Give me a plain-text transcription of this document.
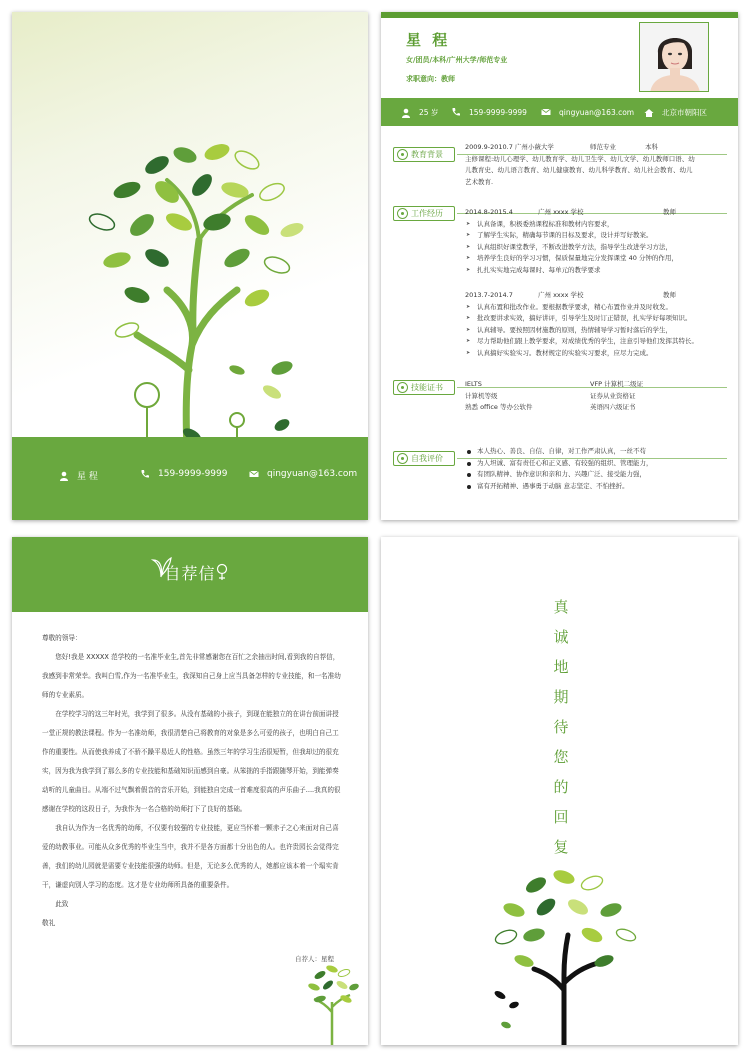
星 程	159-9999-9999	qingyuan@163.com
星 程
女/团员/本科/广州大学/师范专业
求职意向：教师
25 岁	159-9999-9999	qingyuan@163.com	北京市朝阳区
教育背景
2009.9-2010.7 广州小薇大学	师范专业	本科
主修课程:幼儿心理学、幼儿教育学、幼儿卫生学、幼儿文学、幼儿教师口语、幼
儿教育史、幼儿语言教育、幼儿健康教育、幼儿科学教育、幼儿社会教育、幼儿
艺术教育.
工作经历	2014.8-2015.4	广州 xxxx 学校	教师
➤ 认真备课，积极委熟课程标准和教材内容要求，
➤ 了解学生实际，精确每节课的目标及要求，设计并写好教案。
➤ 认真组织好课堂教学，不断改进教学方法，指导学生改进学习方法，
➤ 培养学生良好的学习习惯，保质保量地完分发挥课堂 40 分钟的作用，
➤ 扎扎实实地完成每课时、每单元的教学要求
2013.7-2014.7	广州 xxxx 学校	教师
➤ 认真布置和批改作业。要根据教学要求，精心布置作业并及时收发。
➤ 批改要讲求实效，搞好讲评，引导学生及时订正错误，扎实学好每项知识。
➤ 认真辅导。要按照因材施教的原则，热情辅导学习暂时落后的学生，
➤ 尽力帮助他们跟上教学要求，对成绩优秀的学生，注意引导他们发挥其特长。
➤ 认真搞好实验实习。教材规定的实验实习要求，应尽力完成。
技能证书	IELTS	VFP 计算机二级证
计算机等级	证券从业资格证
熟悉 office 等办公软件	英语四六级证书
自我评价
本人热心、善良、自信、自律，对工作严肃认真，一丝不苟
为人坦诚、富有责任心和正义感、有较强的组织、管理能力，
有团队精神、协作意识和亲和力、兴趣广泛、接受能力强，
富有开拓精神、遇事勇于动脑 意志坚定、不怕挫折。
自荐信

尊敬的领导：

您好!我是 XXXXX 范学校的一名准毕业生,首先非常感谢您在百忙之余抽出时间,看到我的自荐信，我感到非常荣幸。我叫白雪,作为一名准毕业生，我深知自己身上应当具备怎样的专业技能，和一名准幼师的专业素质。

在学校学习的这三年时光，我学到了很多。从没有基础的小孩子，到现在能独立的在讲台前面讲授一堂正规的教法课程。作为一名准幼师，我很清楚自己将教育的对象是多么可爱的孩子，也明白自己工作的重要性。从而使我养成了不骄不躁平易近人的性格。虽然三年的学习生活很短暂，但我却过的很充实，因为我为我学到了那么多的专业技能和基础知识而感到自豪。从笨拙的手指跟随琴开始，到能弹奏动听的儿童曲目。从端不过气飘着假音的音乐开始，到能独自完成一首难度很高的声乐曲子....我真的很感谢在学校的这段日子，为我作为一名合格的幼师打下了良好的基础。

我自认为作为一名优秀的幼师，不仅要有较强的专业技能，更应当怀着一颗赤子之心来面对自己喜爱的幼教事业。可能从众多优秀的毕业生当中，我并不是各方面都十分出色的人。也许贵园长会觉得完善，我们的幼儿园就是需要专业技能很强的幼师。但是，无论多么优秀的人，她都应该本着一个塌实肯干，谦虚向别人学习的态度。这才是专业幼师所具备的重要条件。

此致

敬礼

自荐人：星程
真
诚
地
期
待
您
的
回
复
